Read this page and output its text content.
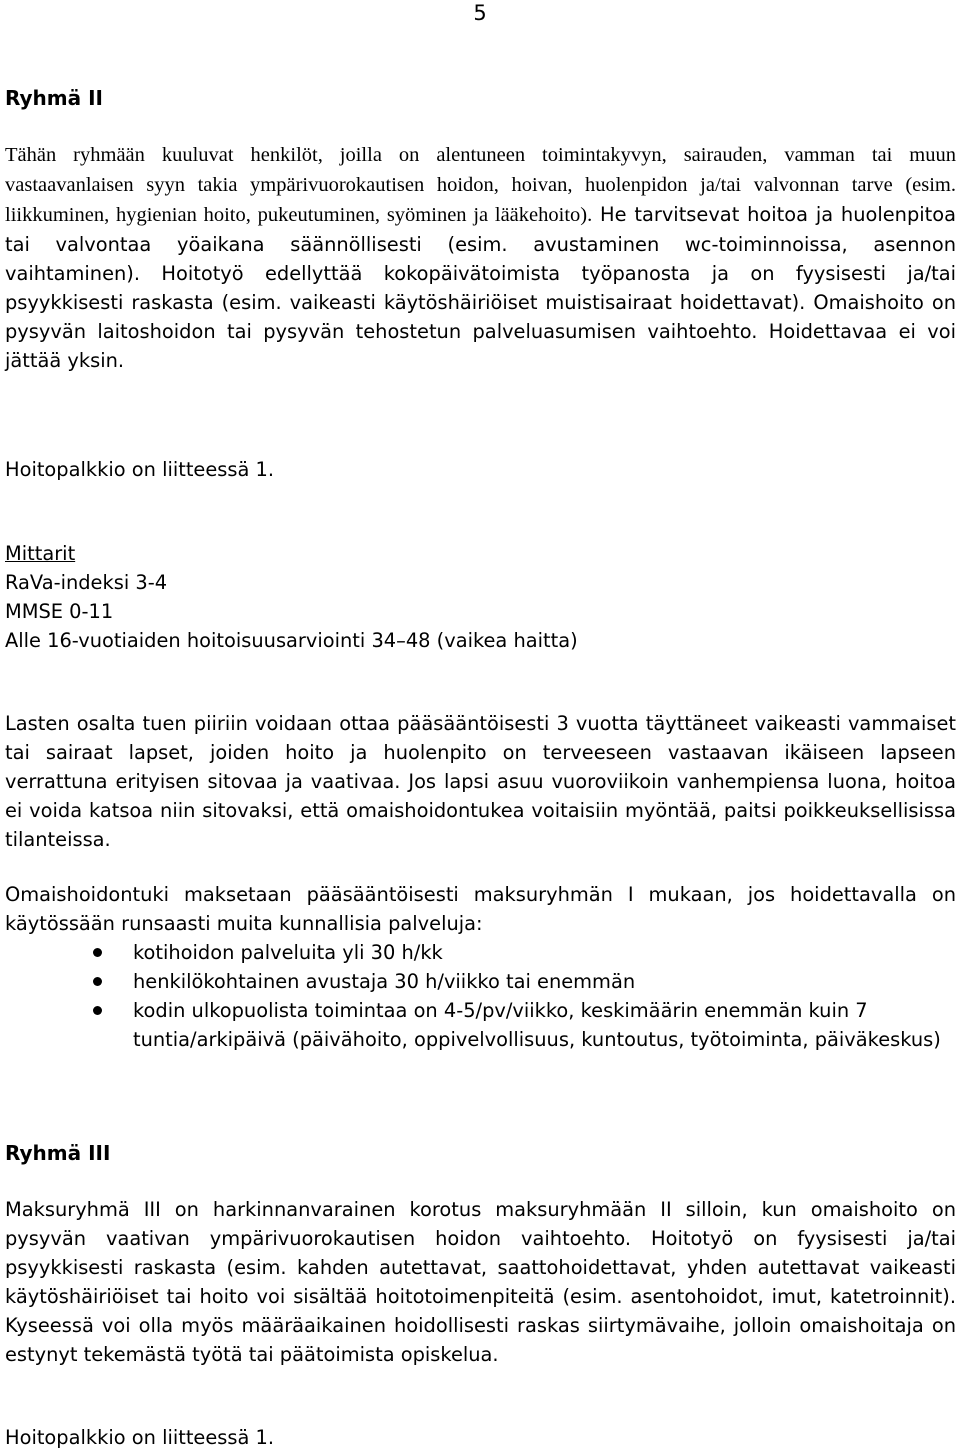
5
Ryhmä II

Tähän ryhmään kuuluvat henkilöt, joilla on alentuneen toimintakyvyn, sairauden, vamman tai muun vastaavanlaisen syyn takia ympärivuorokautisen hoidon, hoivan, huolenpidon ja/tai valvonnan tarve (esim. liikkuminen, hygienian hoito, pukeutuminen, syöminen ja lääkehoito). He tarvitsevat hoitoa ja huolenpitoa tai valvontaa yöaikana säännöllisesti (esim. avustaminen wc-toiminnoissa, asennon vaihtaminen). Hoitotyö edellyttää kokopäivätoimista työpanosta ja on fyysisesti ja/tai psyykkisesti raskasta (esim. vaikeasti käytöshäiriöiset muistisairaat hoidettavat). Omaishoito on pysyvän laitoshoidon tai pysyvän tehostetun palveluasumisen vaihtoehto. Hoidettavaa ei voi jättää yksin.

Hoitopalkkio on liitteessä 1.
Mittarit
RaVa-indeksi 3-4
MMSE 0-11
Alle 16-vuotiaiden hoitoisuusarviointi 34–48 (vaikea haitta)

Lasten osalta tuen piiriin voidaan ottaa pääsääntöisesti 3 vuotta täyttäneet vaikeasti vammaiset tai sairaat lapset, joiden hoito ja huolenpito on terveeseen vastaavan ikäiseen lapseen verrattuna erityisen sitovaa ja vaativaa. Jos lapsi asuu vuoroviikoin vanhempiensa luona, hoitoa ei voida katsoa niin sitovaksi, että omaishoidontukea voitaisiin myöntää, paitsi poikkeuksellisissa tilanteissa.

Omaishoidontuki maksetaan pääsääntöisesti maksuryhmän I mukaan, jos hoidettavalla on käytössään runsaasti muita kunnallisia palveluja:

kotihoidon palveluita yli 30 h/kk
henkilökohtainen avustaja 30 h/viikko tai enemmän
kodin ulkopuolista toimintaa on 4-5/pv/viikko, keskimäärin enemmän kuin 7 tuntia/arkipäivä (päivähoito, oppivelvollisuus, kuntoutus, työtoiminta, päiväkeskus)
Ryhmä III

Maksuryhmä III on harkinnanvarainen korotus maksuryhmään II silloin, kun omaishoito on pysyvän vaativan ympärivuorokautisen hoidon vaihtoehto. Hoitotyö on fyysisesti ja/tai psyykkisesti raskasta (esim. kahden autettavat, saattohoidettavat, yhden autettavat vaikeasti käytöshäiriöiset tai hoito voi sisältää hoitotoimenpiteitä (esim. asentohoidot, imut, katetroinnit). Kyseessä voi olla myös määräaikainen hoidollisesti raskas siirtymävaihe, jolloin omaishoitaja on estynyt tekemästä työtä tai päätoimista opiskelua.

Hoitopalkkio on liitteessä 1.
